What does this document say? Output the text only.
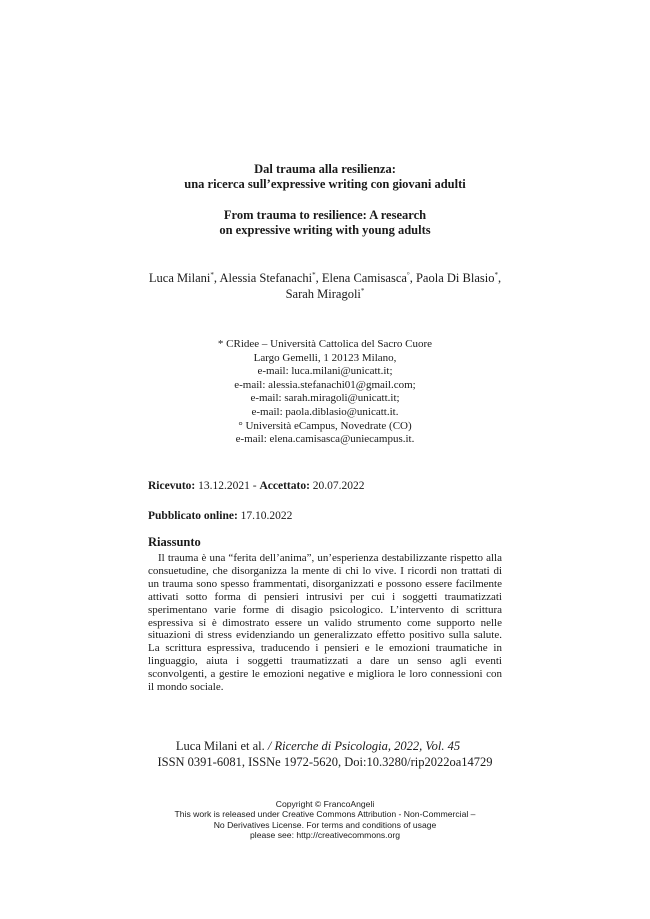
Dal trauma alla resilienza:
una ricerca sull’expressive writing con giovani adulti
From trauma to resilience: A research
on expressive writing with young adults
Luca Milani*, Alessia Stefanachi*, Elena Camisasca°, Paola Di Blasio*,
Sarah Miragoli*
* CRidee – Università Cattolica del Sacro Cuore
Largo Gemelli, 1 20123 Milano,
e-mail: luca.milani@unicatt.it;
e-mail: alessia.stefanachi01@gmail.com;
e-mail: sarah.miragoli@unicatt.it;
e-mail: paola.diblasio@unicatt.it.
° Università eCampus, Novedrate (CO)
e-mail: elena.camisasca@uniecampus.it.
Ricevuto: 13.12.2021 - Accettato: 20.07.2022
Pubblicato online: 17.10.2022
Riassunto
Il trauma è una “ferita dell’anima”, un’esperienza destabilizzante rispetto alla consuetudine, che disorganizza la mente di chi lo vive. I ricordi non trattati di un trauma sono spesso frammentati, disorganizzati e possono essere facilmente attivati sotto forma di pensieri intrusivi per cui i soggetti traumatizzati sperimentano varie forme di disagio psicologico. L’intervento di scrittura espressiva si è dimostrato essere un valido strumento come supporto nelle situazioni di stress evidenziando un generalizzato effetto positivo sulla salute. La scrittura espressiva, traducendo i pensieri e le emozioni traumatiche in linguaggio, aiuta i soggetti traumatizzati a dare un senso agli eventi sconvolgenti, a gestire le emozioni negative e migliora le loro connessioni con il mondo sociale.
Luca Milani et al. / Ricerche di Psicologia, 2022, Vol. 45
ISSN 0391-6081, ISSNe 1972-5620, Doi:10.3280/rip2022oa14729
Copyright © FrancoAngeli
This work is released under Creative Commons Attribution - Non-Commercial –
No Derivatives License. For terms and conditions of usage
please see: http://creativecommons.org
